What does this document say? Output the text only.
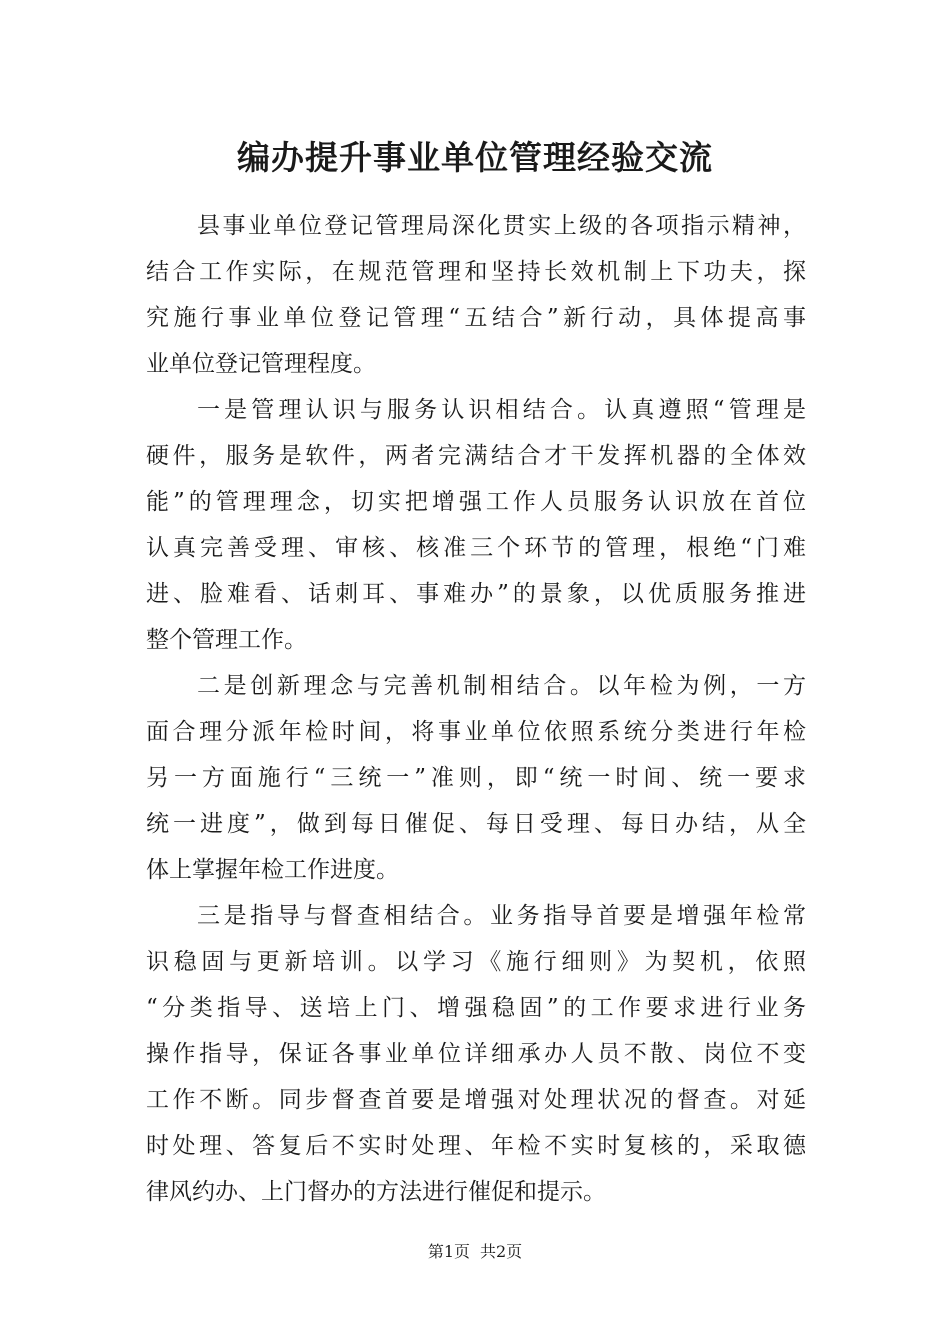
编办提升事业单位管理经验交流

县事业单位登记管理局深化贯实上级的各项指示精神，
结合工作实际，在规范管理和坚持长效机制上下功夫，探
究施行事业单位登记管理“五结合”新行动，具体提高事
业单位登记管理程度。

一是管理认识与服务认识相结合。认真遵照“管理是
硬件，服务是软件，两者完满结合才干发挥机器的全体效
能”的管理理念，切实把增强工作人员服务认识放在首位
认真完善受理、审核、核准三个环节的管理，根绝“门难
进、脸难看、话刺耳、事难办”的景象，以优质服务推进
整个管理工作。

二是创新理念与完善机制相结合。以年检为例，一方
面合理分派年检时间，将事业单位依照系统分类进行年检
另一方面施行“三统一”准则，即“统一时间、统一要求
统一进度”，做到每日催促、每日受理、每日办结，从全
体上掌握年检工作进度。

三是指导与督查相结合。业务指导首要是增强年检常
识稳固与更新培训。以学习《施行细则》为契机，依照
“分类指导、送培上门、增强稳固”的工作要求进行业务
操作指导，保证各事业单位详细承办人员不散、岗位不变
工作不断。同步督查首要是增强对处理状况的督查。对延
时处理、答复后不实时处理、年检不实时复核的，采取德
律风约办、上门督办的方法进行催促和提示。

第1页 共2页
